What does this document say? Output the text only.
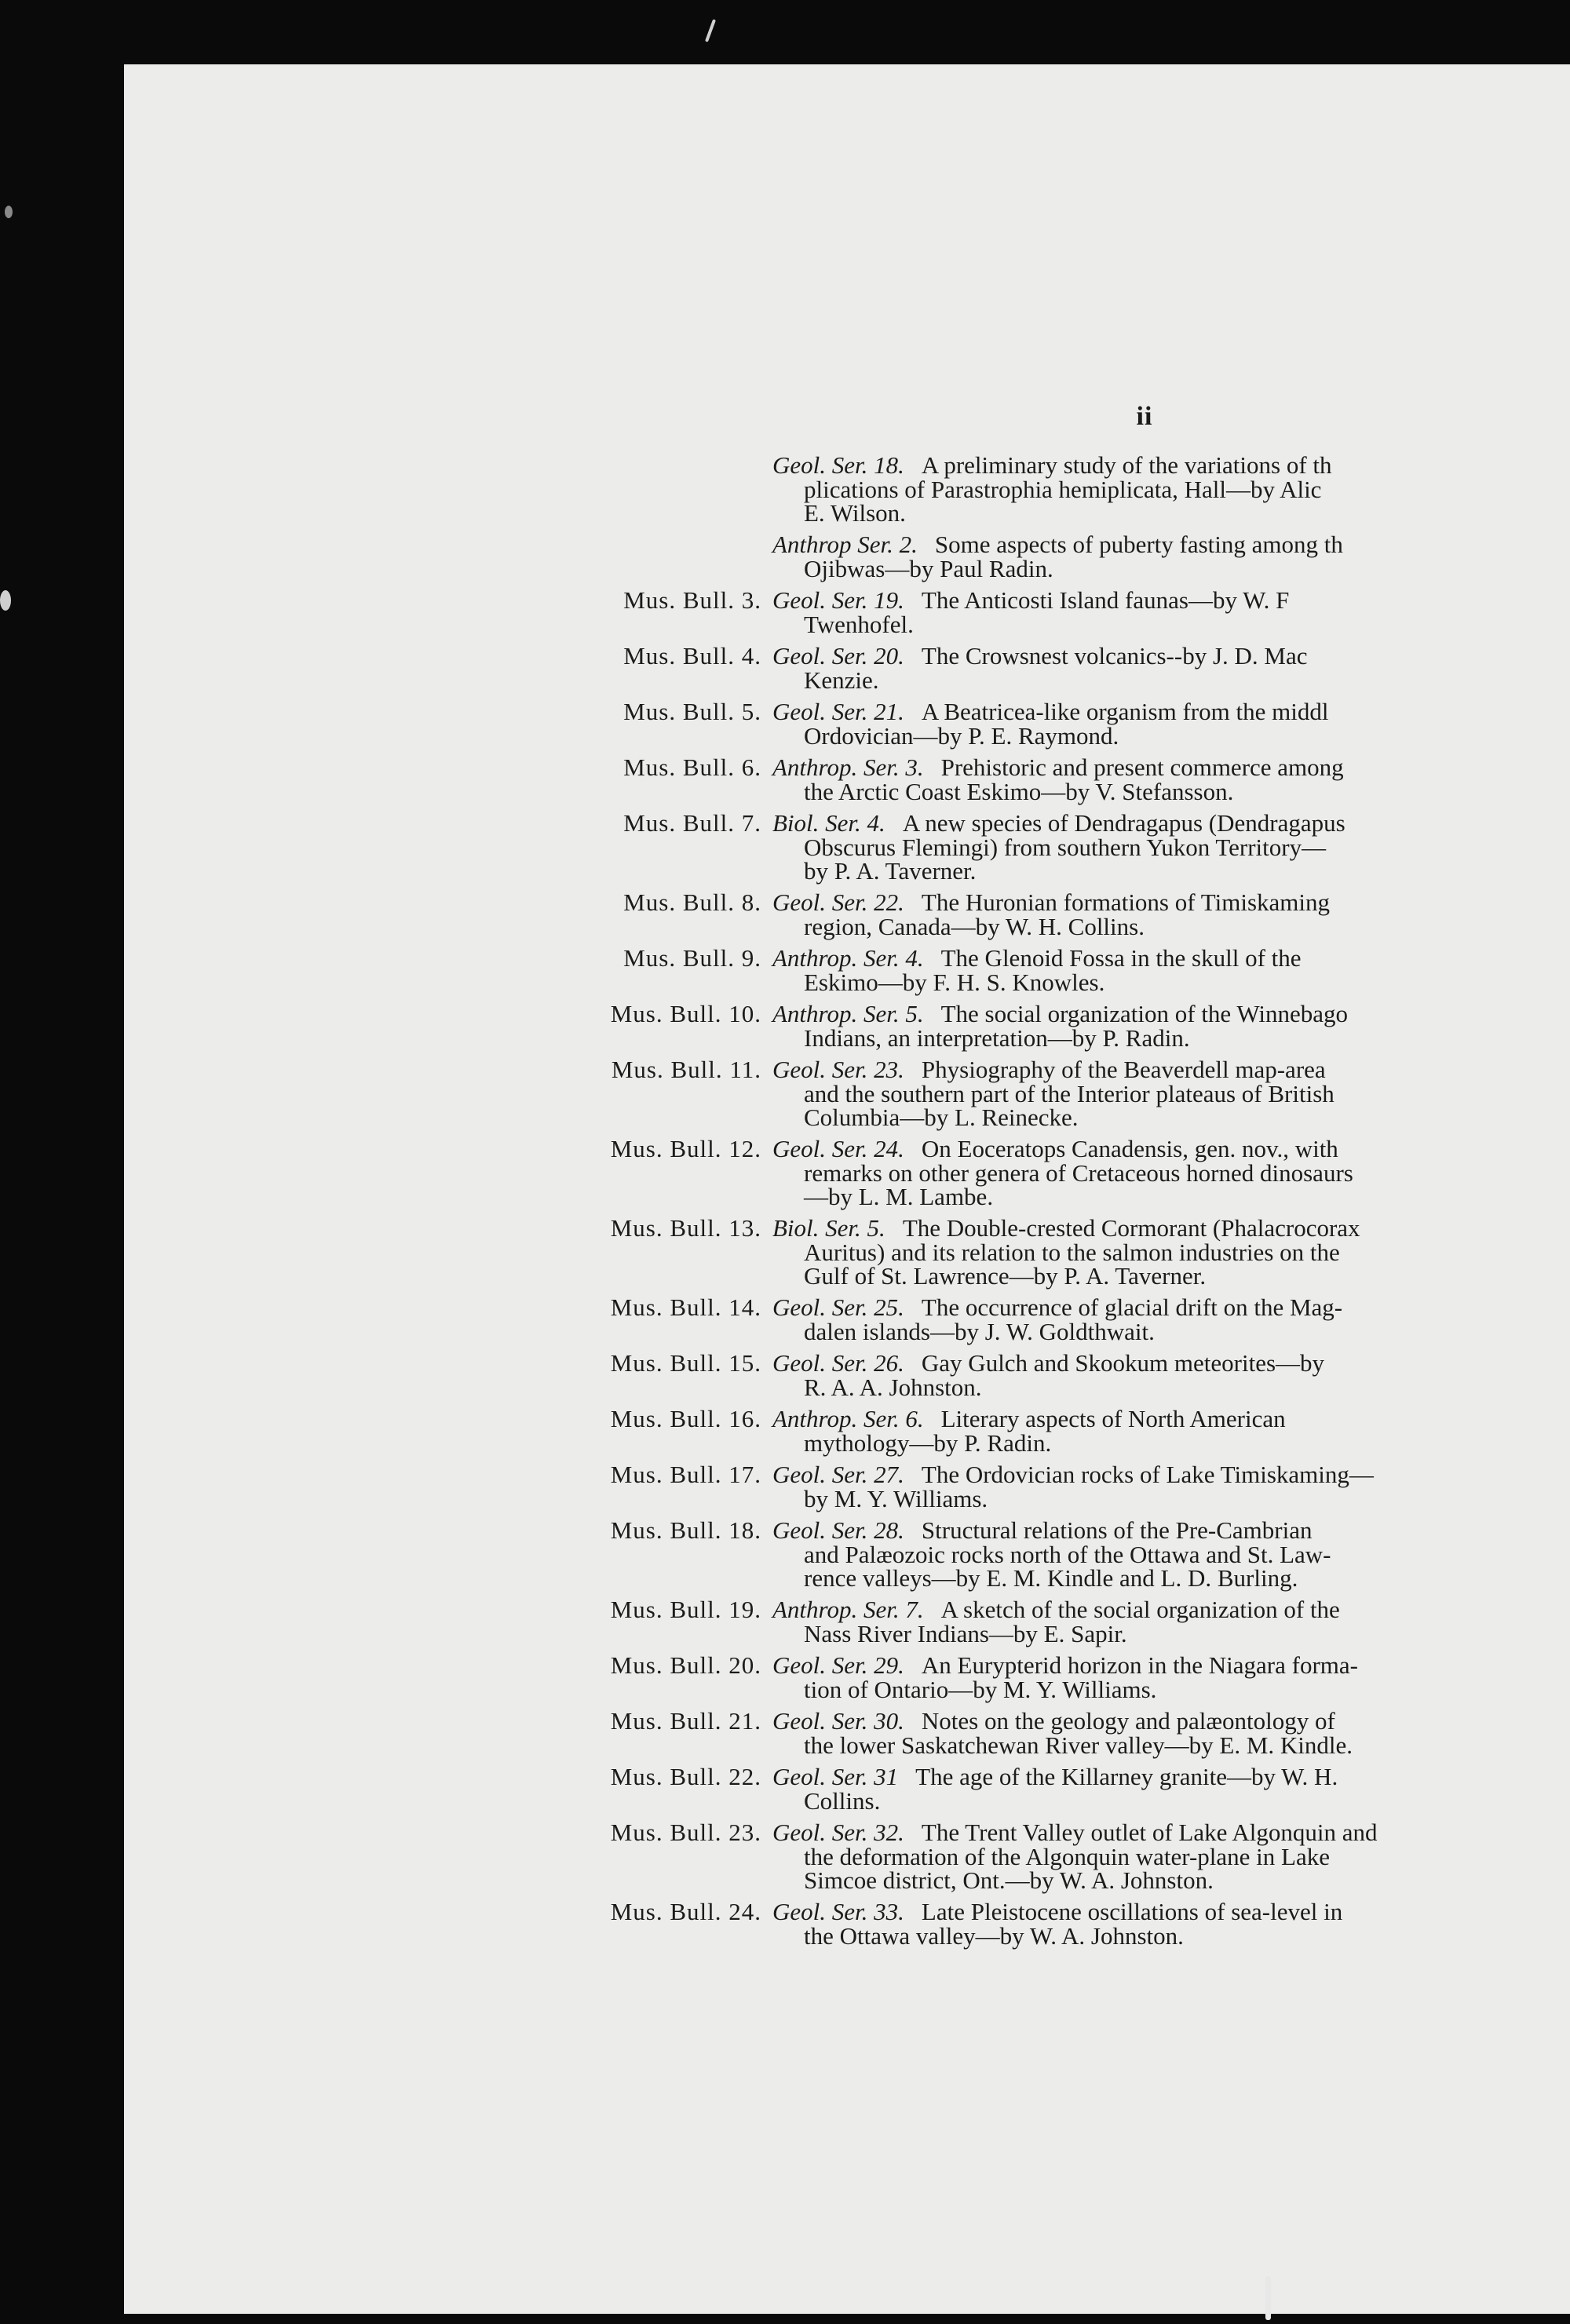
ii
Geol. Ser. 18. A preliminary study of the variations of th
plications of Parastrophia hemiplicata, Hall—by Alic
E. Wilson.
Anthrop Ser. 2. Some aspects of puberty fasting among th
Ojibwas—by Paul Radin.
Mus. Bull. 3. Geol. Ser. 19. The Anticosti Island faunas—by W. F
Twenhofel.
Mus. Bull. 4. Geol. Ser. 20. The Crowsnest volcanics--by J. D. Mac
Kenzie.
Mus. Bull. 5. Geol. Ser. 21. A Beatricea-like organism from the middl
Ordovician—by P. E. Raymond.
Mus. Bull. 6. Anthrop. Ser. 3. Prehistoric and present commerce among
the Arctic Coast Eskimo—by V. Stefansson.
Mus. Bull. 7. Biol. Ser. 4. A new species of Dendragapus (Dendragapus
Obscurus Flemingi) from southern Yukon Territory—
by P. A. Taverner.
Mus. Bull. 8. Geol. Ser. 22. The Huronian formations of Timiskaming
region, Canada—by W. H. Collins.
Mus. Bull. 9. Anthrop. Ser. 4. The Glenoid Fossa in the skull of the
Eskimo—by F. H. S. Knowles.
Mus. Bull. 10. Anthrop. Ser. 5. The social organization of the Winnebago
Indians, an interpretation—by P. Radin.
Mus. Bull. 11. Geol. Ser. 23. Physiography of the Beaverdell map-area
and the southern part of the Interior plateaus of British
Columbia—by L. Reinecke.
Mus. Bull. 12. Geol. Ser. 24. On Eoceratops Canadensis, gen. nov., with
remarks on other genera of Cretaceous horned dinosaurs
—by L. M. Lambe.
Mus. Bull. 13. Biol. Ser. 5. The Double-crested Cormorant (Phalacrocorax
Auritus) and its relation to the salmon industries on the
Gulf of St. Lawrence—by P. A. Taverner.
Mus. Bull. 14. Geol. Ser. 25. The occurrence of glacial drift on the Mag-
dalen islands—by J. W. Goldthwait.
Mus. Bull. 15. Geol. Ser. 26. Gay Gulch and Skookum meteorites—by
R. A. A. Johnston.
Mus. Bull. 16. Anthrop. Ser. 6. Literary aspects of North American
mythology—by P. Radin.
Mus. Bull. 17. Geol. Ser. 27. The Ordovician rocks of Lake Timiskaming—
by M. Y. Williams.
Mus. Bull. 18. Geol. Ser. 28. Structural relations of the Pre-Cambrian
and Palæozoic rocks north of the Ottawa and St. Law-
rence valleys—by E. M. Kindle and L. D. Burling.
Mus. Bull. 19. Anthrop. Ser. 7. A sketch of the social organization of the
Nass River Indians—by E. Sapir.
Mus. Bull. 20. Geol. Ser. 29. An Eurypterid horizon in the Niagara forma-
tion of Ontario—by M. Y. Williams.
Mus. Bull. 21. Geol. Ser. 30. Notes on the geology and palæontology of
the lower Saskatchewan River valley—by E. M. Kindle.
Mus. Bull. 22. Geol. Ser. 31 The age of the Killarney granite—by W. H.
Collins.
Mus. Bull. 23. Geol. Ser. 32. The Trent Valley outlet of Lake Algonquin and
the deformation of the Algonquin water-plane in Lake
Simcoe district, Ont.—by W. A. Johnston.
Mus. Bull. 24. Geol. Ser. 33. Late Pleistocene oscillations of sea-level in
the Ottawa valley—by W. A. Johnston.
